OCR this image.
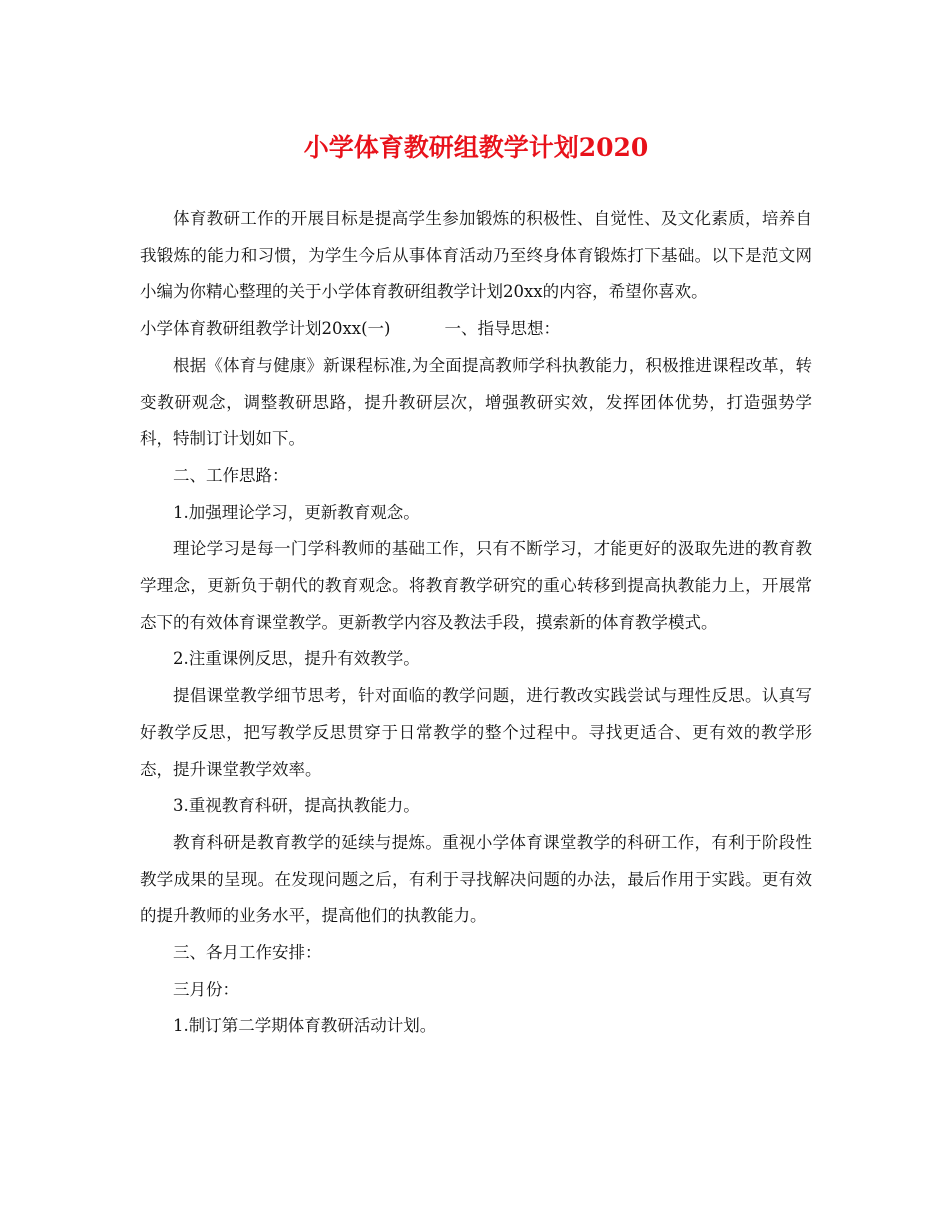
小学体育教研组教学计划2020

体育教研工作的开展目标是提高学生参加锻炼的积极性、自觉性、及文化素质，培养自我锻炼的能力和习惯，为学生今后从事体育活动乃至终身体育锻炼打下基础。以下是范文网小编为你精心整理的关于小学体育教研组教学计划20xx的内容，希望你喜欢。

小学体育教研组教学计划20xx(一)	一、指导思想：

根据《体育与健康》新课程标准,为全面提高教师学科执教能力，积极推进课程改革，转变教研观念，调整教研思路，提升教研层次，增强教研实效，发挥团体优势，打造强势学科，特制订计划如下。

二、工作思路：

1.加强理论学习，更新教育观念。

理论学习是每一门学科教师的基础工作，只有不断学习，才能更好的汲取先进的教育教学理念，更新负于朝代的教育观念。将教育教学研究的重心转移到提高执教能力上，开展常态下的有效体育课堂教学。更新教学内容及教法手段，摸索新的体育教学模式。

2.注重课例反思，提升有效教学。

提倡课堂教学细节思考，针对面临的教学问题，进行教改实践尝试与理性反思。认真写好教学反思，把写教学反思贯穿于日常教学的整个过程中。寻找更适合、更有效的教学形态，提升课堂教学效率。

3.重视教育科研，提高执教能力。

教育科研是教育教学的延续与提炼。重视小学体育课堂教学的科研工作，有利于阶段性教学成果的呈现。在发现问题之后，有利于寻找解决问题的办法，最后作用于实践。更有效的提升教师的业务水平，提高他们的执教能力。

三、各月工作安排：

三月份：

1.制订第二学期体育教研活动计划。
